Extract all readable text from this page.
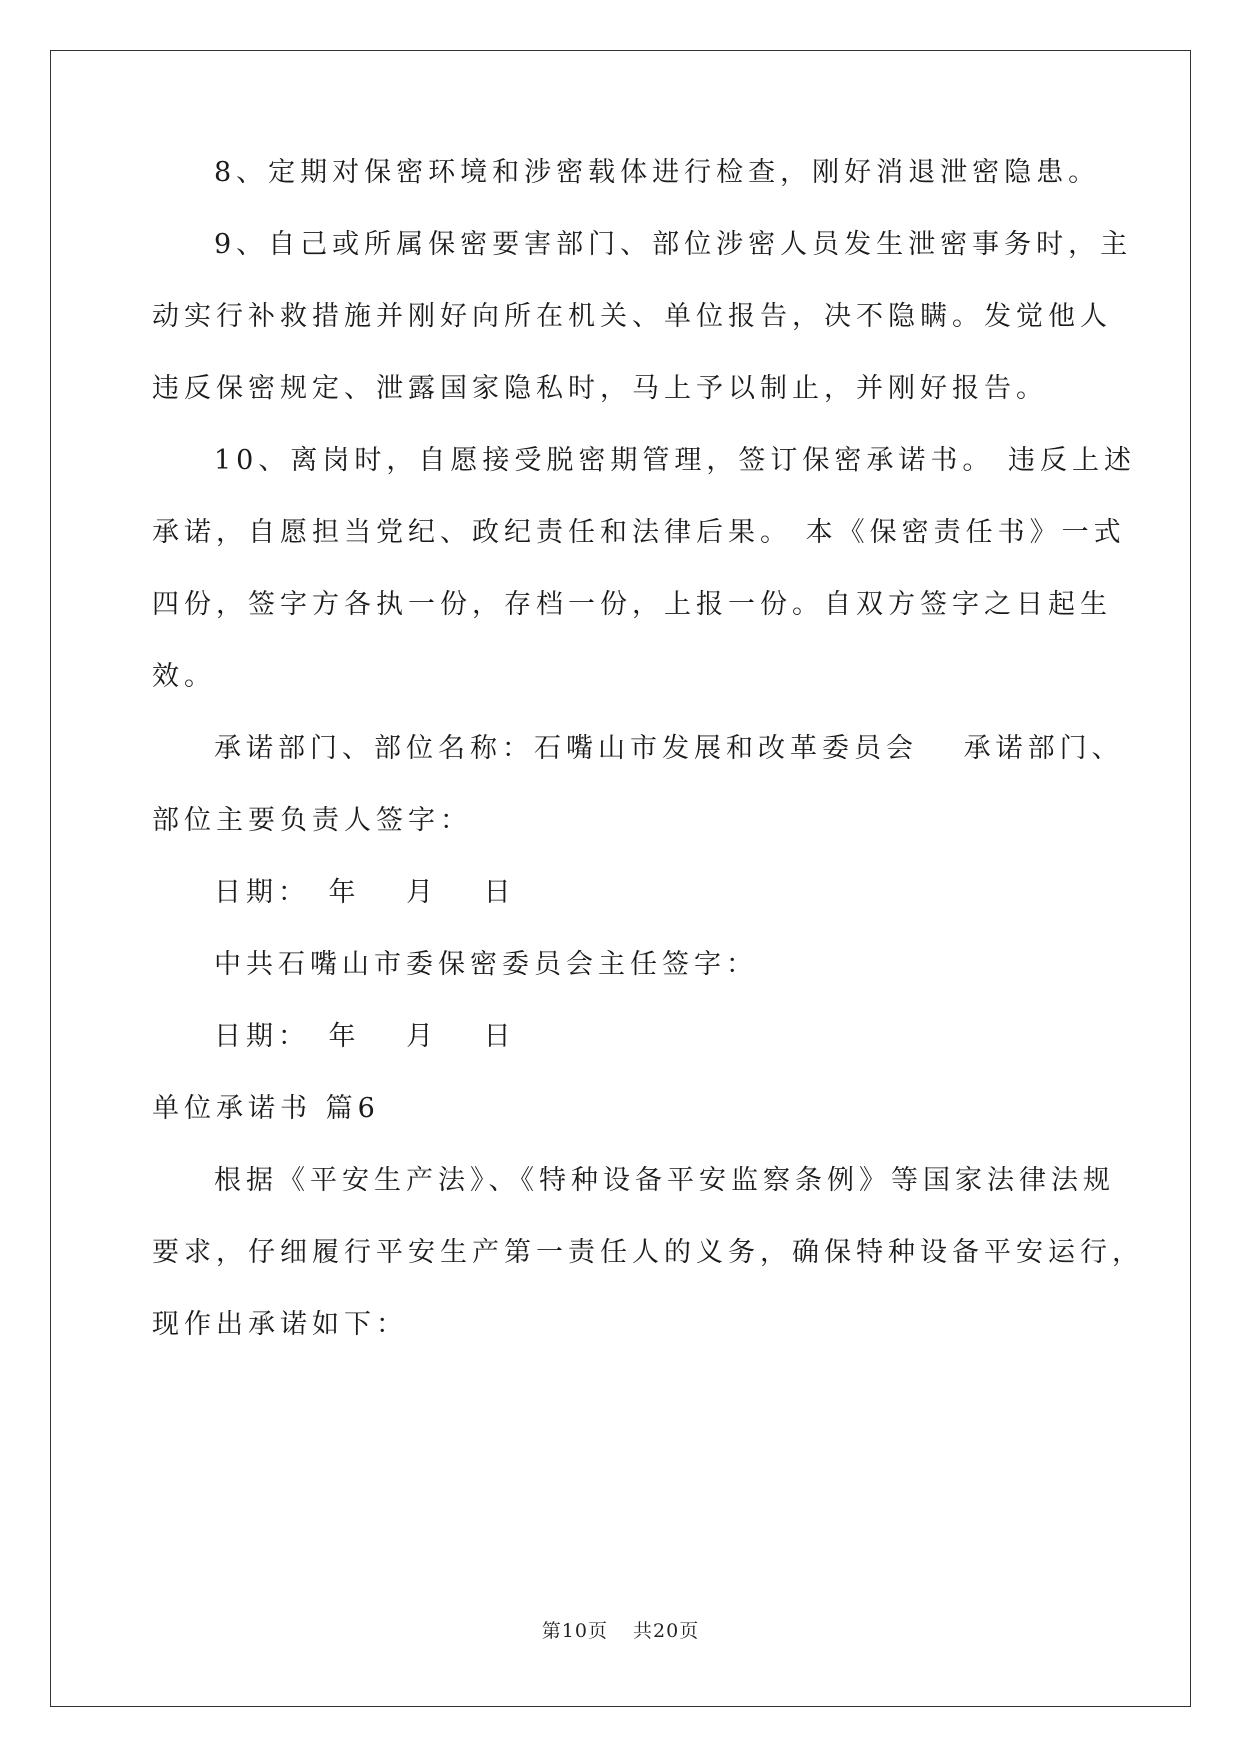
8、定期对保密环境和涉密载体进行检查，刚好消退泄密隐患。
9、自己或所属保密要害部门、部位涉密人员发生泄密事务时，主
动实行补救措施并刚好向所在机关、单位报告，决不隐瞒。发觉他人
违反保密规定、泄露国家隐私时，马上予以制止，并刚好报告。
10、离岗时，自愿接受脱密期管理，签订保密承诺书。 违反上述
承诺，自愿担当党纪、政纪责任和法律后果。 本《保密责任书》一式
四份，签字方各执一份，存档一份，上报一份。自双方签字之日起生
效。
承诺部门、部位名称：石嘴山市发展和改革委员会　 承诺部门、
部位主要负责人签字：
日期：　年　 月　 日
中共石嘴山市委保密委员会主任签字：
日期：　年　 月　 日
单位承诺书 篇6
根据《平安生产法》、《特种设备平安监察条例》等国家法律法规
要求，仔细履行平安生产第一责任人的义务，确保特种设备平安运行，
现作出承诺如下：
第10页 共20页
